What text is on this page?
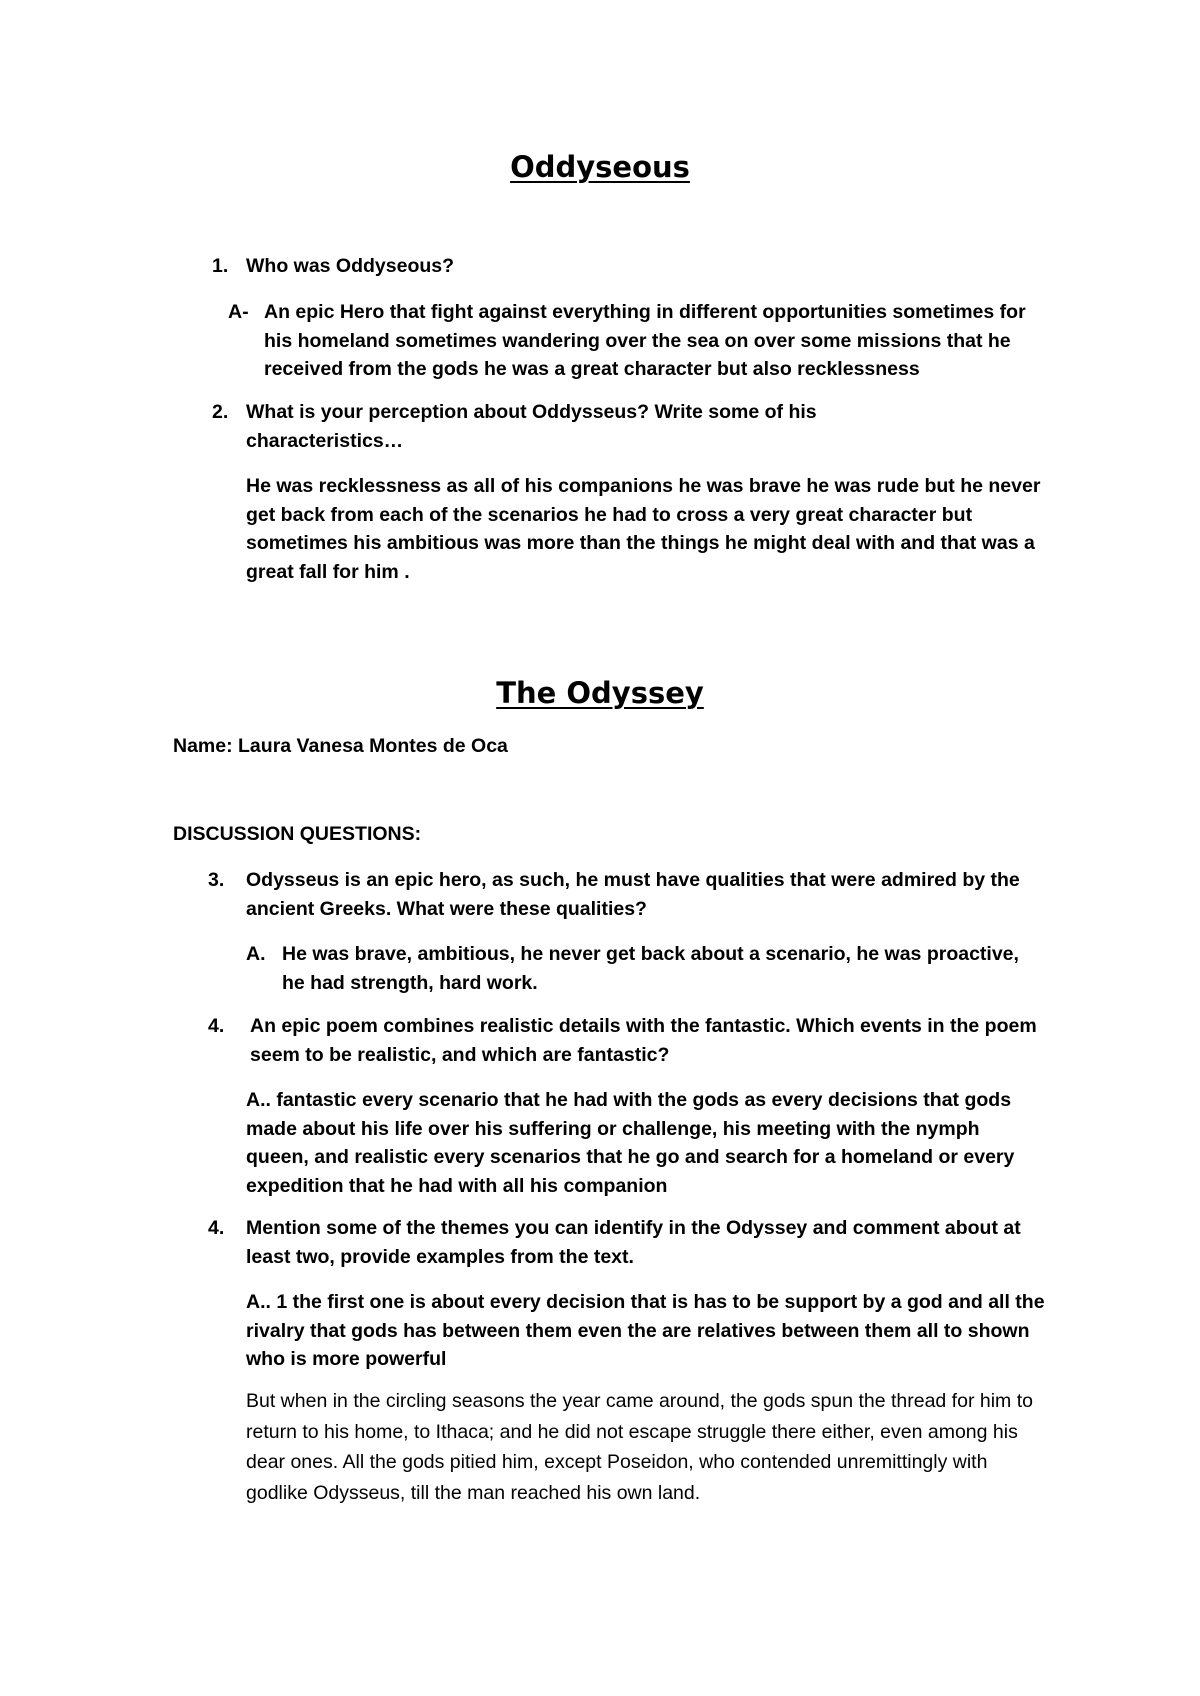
Oddyseous
1. Who was Oddyseous?
A- An epic Hero that fight against everything in different opportunities sometimes for his homeland sometimes wandering over the sea on over some missions that he received from the gods he was a great character but also recklessness

2. What is your perception about Oddysseus? Write some of his characteristics…

He was recklessness as all of his companions he was brave he was rude but he never get back from each of the scenarios he had to cross a very great character but sometimes his ambitious was more than the things he might deal with and that was a great fall for him .

The Odyssey

Name: Laura Vanesa Montes de Oca

DISCUSSION QUESTIONS:

3.	Odysseus is an epic hero, as such, he must have qualities that were admired by the ancient Greeks. What were these qualities?

A. He was brave, ambitious, he never get back about a scenario, he was proactive, he had strength, hard work.

4.	An epic poem combines realistic details with the fantastic. Which events in the poem seem to be realistic, and which are fantastic?

A.. fantastic every scenario that he had with the gods as every decisions that gods made about his life over his suffering or challenge, his meeting with the nymph queen, and realistic every scenarios that he go and search for a homeland or every expedition that he had with all his companion

4.	Mention some of the themes you can identify in the Odyssey and comment about at least two, provide examples from the text.

A.. 1 the first one is about every decision that is has to be support by a god and all the rivalry that gods has between them even the are relatives between them all to shown who is more powerful

But when in the circling seasons the year came around, the gods spun the thread for him to return to his home, to Ithaca; and he did not escape struggle there either, even among his dear ones. All the gods pitied him, except Poseidon, who contended unremittingly with godlike Odysseus, till the man reached his own land.
